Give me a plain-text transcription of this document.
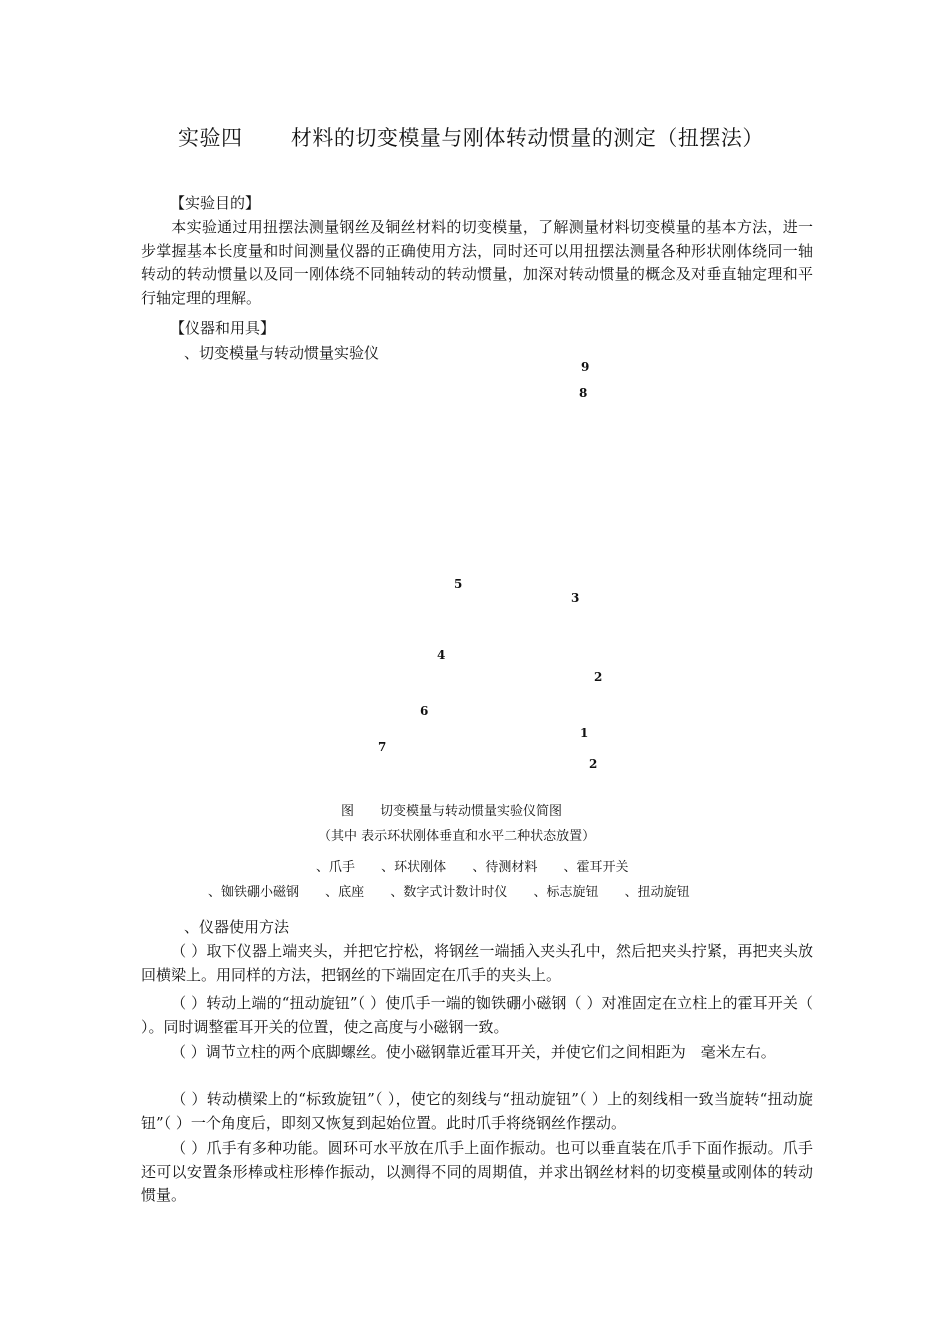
实验四 材料的切变模量与刚体转动惯量的测定（扭摆法）
【实验目的】
本实验通过用扭摆法测量钢丝及铜丝材料的切变模量，了解测量材料切变模量的基本方法，进一步掌握基本长度量和时间测量仪器的正确使用方法，同时还可以用扭摆法测量各种形状刚体绕同一轴转动的转动惯量以及同一刚体绕不同轴转动的转动惯量，加深对转动惯量的概念及对垂直轴定理和平行轴定理的理解。
【仪器和用具】
、切变模量与转动惯量实验仪
9
8
5
3
4
2
6
1
7
2
图　　切变模量与转动惯量实验仪简图
（其中 表示环状刚体垂直和水平二种状态放置）
、爪手 、环状刚体 、待测材料 、霍耳开关
、铷铁硼小磁钢 、底座 、数字式计数计时仪 、标志旋钮 、扭动旋钮
、仪器使用方法
（ ）取下仪器上端夹头，并把它拧松，将钢丝一端插入夹头孔中，然后把夹头拧紧，再把夹头放回横梁上。用同样的方法，把钢丝的下端固定在爪手的夹头上。
（ ）转动上端的“扭动旋钮”（ ）使爪手一端的铷铁硼小磁钢（ ）对准固定在立柱上的霍耳开关（ ）。同时调整霍耳开关的位置，使之高度与小磁钢一致。
（ ）调节立柱的两个底脚螺丝。使小磁钢靠近霍耳开关，并使它们之间相距为　毫米左右。
（ ）转动横梁上的“标致旋钮”（ ），使它的刻线与“扭动旋钮”（ ）上的刻线相一致当旋转“扭动旋钮”（ ）一个角度后，即刻又恢复到起始位置。此时爪手将绕钢丝作摆动。
（ ）爪手有多种功能。圆环可水平放在爪手上面作振动。也可以垂直装在爪手下面作振动。爪手还可以安置条形棒或柱形棒作振动，以测得不同的周期值，并求出钢丝材料的切变模量或刚体的转动惯量。
